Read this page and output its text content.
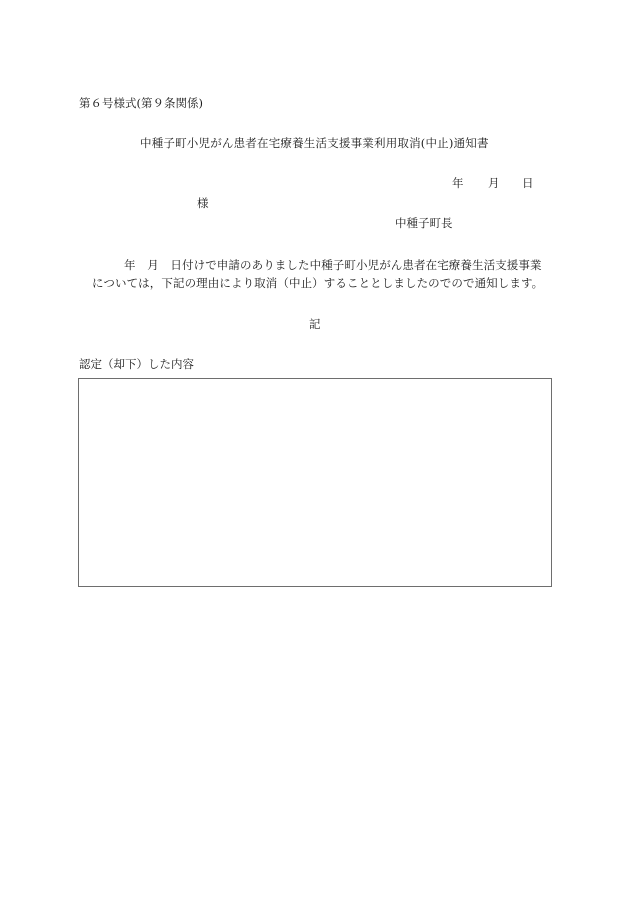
第６号様式(第９条関係)
中種子町小児がん患者在宅療養生活支援事業利用取消(中止)通知書
年	月	日
様
中種子町長
年　月　日付けで申請のありました中種子町小児がん患者在宅療養生活支援事業
については，下記の理由により取消（中止）することとしましたのでので通知します。
記
認定（却下）した内容
